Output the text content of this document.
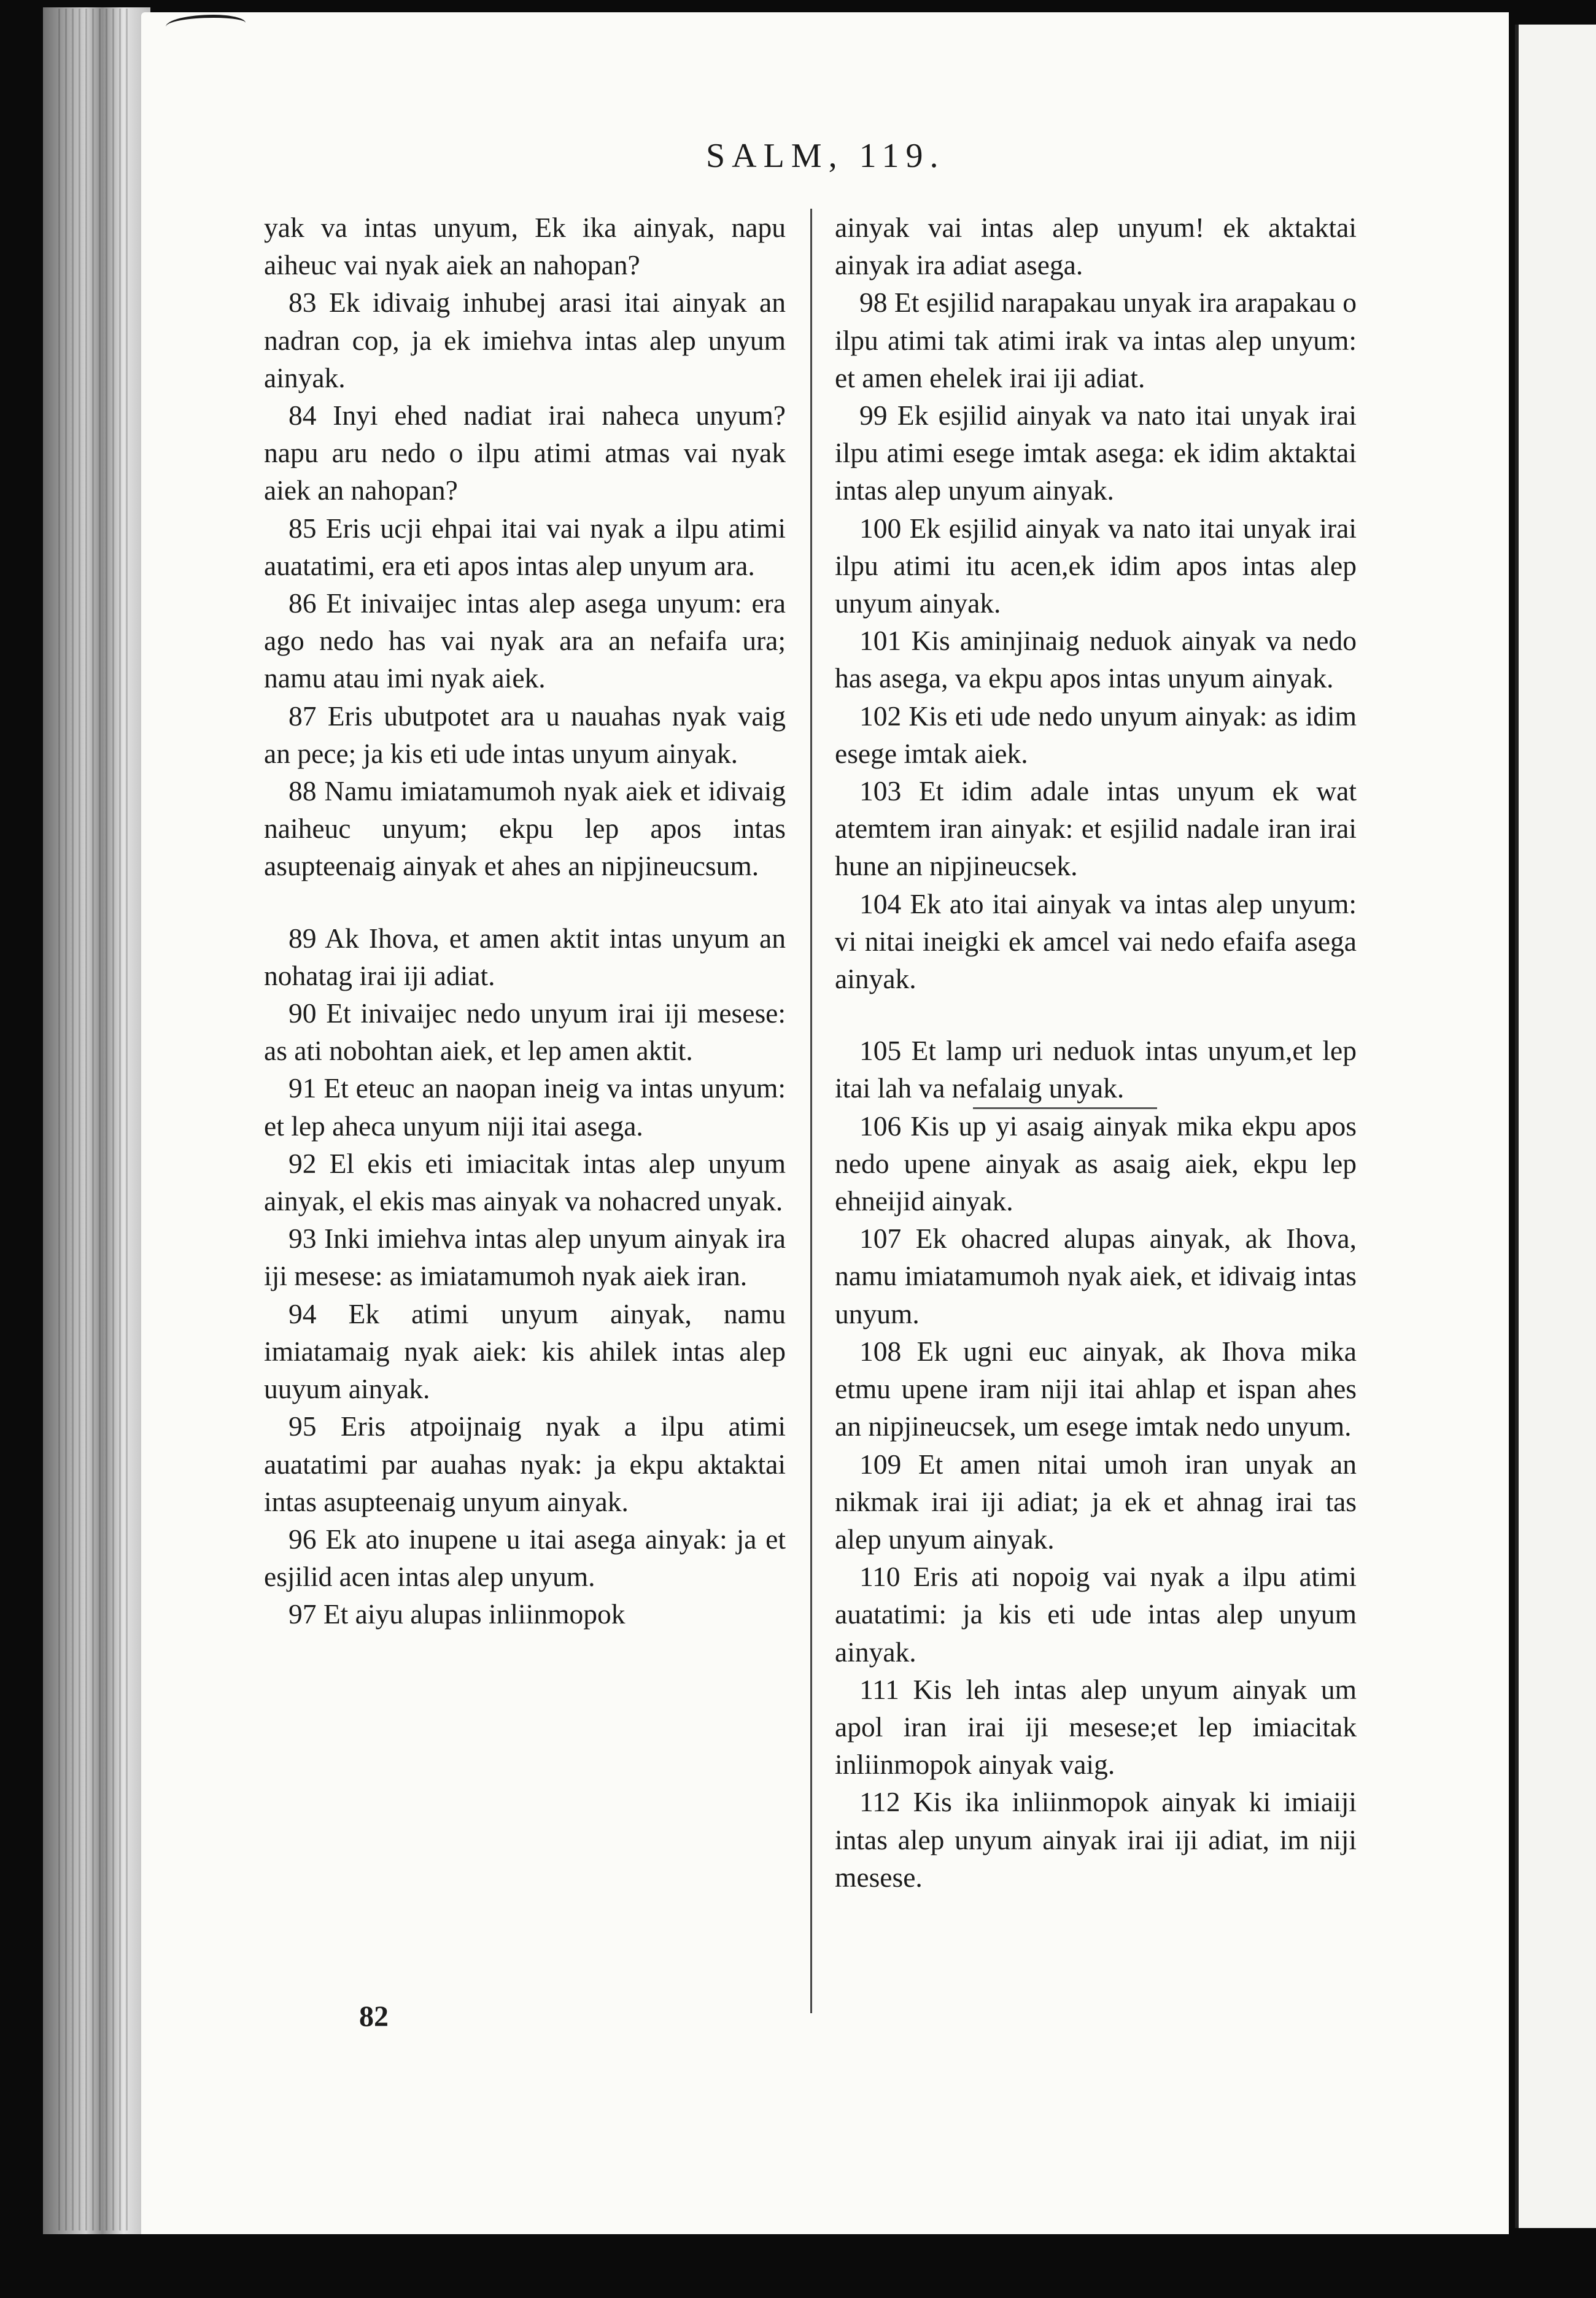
SALM, 119.

yak va intas unyum, Ek ika ainyak, napu aiheuc vai nyak aiek an nahopan?

83 Ek idivaig inhubej arasi itai ainyak an nadran cop, ja ek imiehva intas alep unyum ainyak.

84 Inyi ehed nadiat irai naheca unyum? napu aru nedo o ilpu atimi atmas vai nyak aiek an nahopan?

85 Eris ucji ehpai itai vai nyak a ilpu atimi auatatimi, era eti apos intas alep unyum ara.

86 Et inivaijec intas alep asega unyum: era ago nedo has vai nyak ara an nefaifa ura; namu atau imi nyak aiek.

87 Eris ubutpotet ara u nauahas nyak vaig an pece; ja kis eti ude intas unyum ainyak.

88 Namu imiatamumoh nyak aiek et idivaig naiheuc unyum; ekpu lep apos intas asupteenaig ainyak et ahes an nipjineucsum.

89 Ak Ihova, et amen aktit intas unyum an nohatag irai iji adiat.

90 Et inivaijec nedo unyum irai iji mesese: as ati nobohtan aiek, et lep amen aktit.

91 Et eteuc an naopan ineig va intas unyum: et lep aheca unyum niji itai asega.

92 El ekis eti imiacitak intas alep unyum ainyak, el ekis mas ainyak va nohacred unyak.

93 Inki imiehva intas alep unyum ainyak ira iji mesese: as imiatamumoh nyak aiek iran.

94 Ek atimi unyum ainyak, namu imiatamaig nyak aiek: kis ahilek intas alep uuyum ainyak.

95 Eris atpoijnaig nyak a ilpu atimi auatatimi par auahas nyak: ja ekpu aktaktai intas asupteenaig unyum ainyak.

96 Ek ato inupene u itai asega ainyak: ja et esjilid acen intas alep unyum.

97 Et aiyu alupas inliinmopok

ainyak vai intas alep unyum! ek aktaktai ainyak ira adiat asega.

98 Et esjilid narapakau unyak ira arapakau o ilpu atimi tak atimi irak va intas alep unyum: et amen ehelek irai iji adiat.

99 Ek esjilid ainyak va nato itai unyak irai ilpu atimi esege imtak asega: ek idim aktaktai intas alep unyum ainyak.

100 Ek esjilid ainyak va nato itai unyak irai ilpu atimi itu acen,ek idim apos intas alep unyum ainyak.

101 Kis aminjinaig neduok ainyak va nedo has asega, va ekpu apos intas unyum ainyak.

102 Kis eti ude nedo unyum ainyak: as idim esege imtak aiek.

103 Et idim adale intas unyum ek wat atemtem iran ainyak: et esjilid nadale iran irai hune an nipjineucsek.

104 Ek ato itai ainyak va intas alep unyum: vi nitai ineigki ek amcel vai nedo efaifa asega ainyak.

105 Et lamp uri neduok intas unyum,et lep itai lah va nefalaig unyak.

106 Kis up yi asaig ainyak mika ekpu apos nedo upene ainyak as asaig aiek, ekpu lep ehneijid ainyak.

107 Ek ohacred alupas ainyak, ak Ihova, namu imiatamumoh nyak aiek, et idivaig intas unyum.

108 Ek ugni euc ainyak, ak Ihova mika etmu upene iram niji itai ahlap et ispan ahes an nipjineucsek, um esege imtak nedo unyum.

109 Et amen nitai umoh iran unyak an nikmak irai iji adiat; ja ek et ahnag irai tas alep unyum ainyak.

110 Eris ati nopoig vai nyak a ilpu atimi auatatimi: ja kis eti ude intas alep unyum ainyak.

111 Kis leh intas alep unyum ainyak um apol iran irai iji mesese;et lep imiacitak inliinmopok ainyak vaig.

112 Kis ika inliinmopok ainyak ki imiaiji intas alep unyum ainyak irai iji adiat, im niji mesese.

82
